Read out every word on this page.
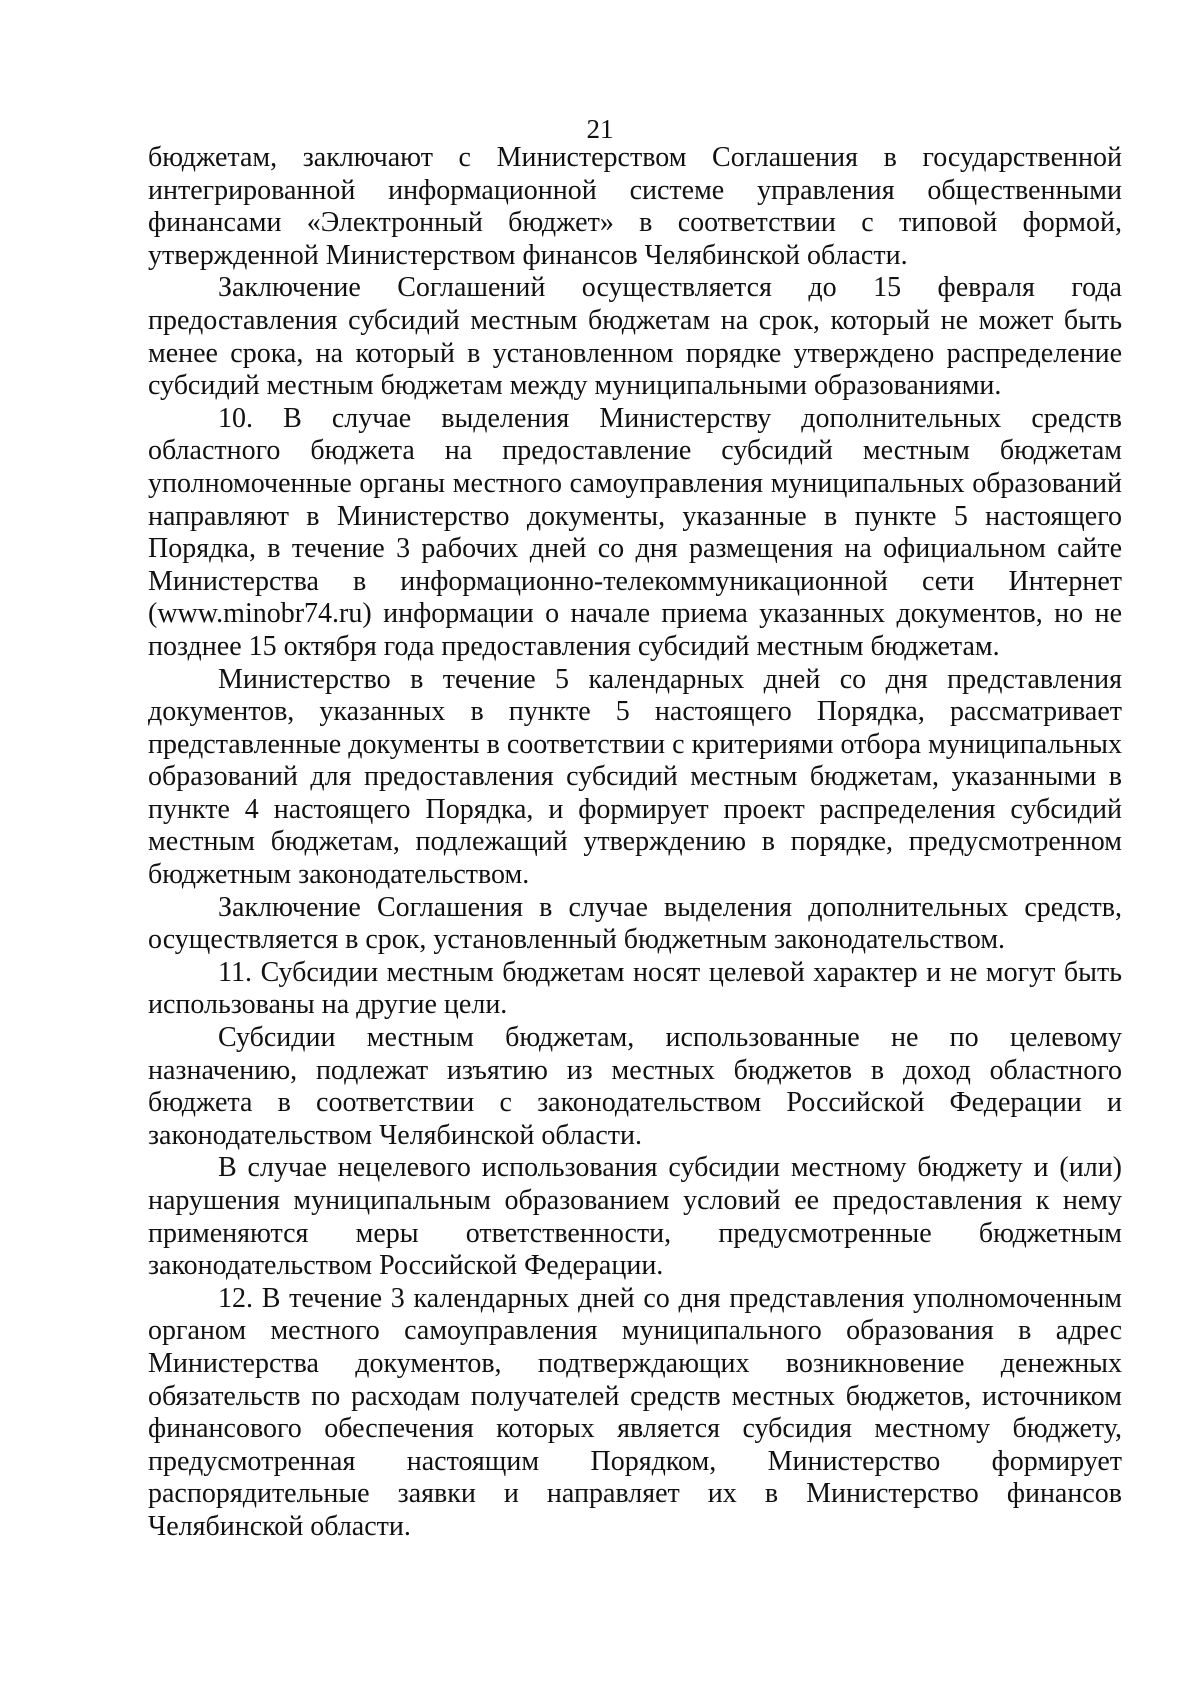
21

бюджетам, заключают с Министерством Соглашения в государственной интегрированной информационной системе управления общественными финансами «Электронный бюджет» в соответствии с типовой формой, утвержденной Министерством финансов Челябинской области.

Заключение Соглашений осуществляется до 15 февраля года предоставления субсидий местным бюджетам на срок, который не может быть менее срока, на который в установленном порядке утверждено распределение субсидий местным бюджетам между муниципальными образованиями.

10. В случае выделения Министерству дополнительных средств областного бюджета на предоставление субсидий местным бюджетам уполномоченные органы местного самоуправления муниципальных образований направляют в Министерство документы, указанные в пункте 5 настоящего Порядка, в течение 3 рабочих дней со дня размещения на официальном сайте Министерства в информационно-телекоммуникационной сети Интернет (www.minobr74.ru) информации о начале приема указанных документов, но не позднее 15 октября года предоставления субсидий местным бюджетам.

Министерство в течение 5 календарных дней со дня представления документов, указанных в пункте 5 настоящего Порядка, рассматривает представленные документы в соответствии с критериями отбора муниципальных образований для предоставления субсидий местным бюджетам, указанными в пункте 4 настоящего Порядка, и формирует проект распределения субсидий местным бюджетам, подлежащий утверждению в порядке, предусмотренном бюджетным законодательством.

Заключение Соглашения в случае выделения дополнительных средств, осуществляется в срок, установленный бюджетным законодательством.

11. Субсидии местным бюджетам носят целевой характер и не могут быть использованы на другие цели.

Субсидии местным бюджетам, использованные не по целевому назначению, подлежат изъятию из местных бюджетов в доход областного бюджета в соответствии с законодательством Российской Федерации и законодательством Челябинской области.

В случае нецелевого использования субсидии местному бюджету и (или) нарушения муниципальным образованием условий ее предоставления к нему применяются меры ответственности, предусмотренные бюджетным законодательством Российской Федерации.

12. В течение 3 календарных дней со дня представления уполномоченным органом местного самоуправления муниципального образования в адрес Министерства документов, подтверждающих возникновение денежных обязательств по расходам получателей средств местных бюджетов, источником финансового обеспечения которых является субсидия местному бюджету, предусмотренная настоящим Порядком, Министерство формирует распорядительные заявки и направляет их в Министерство финансов Челябинской области.
